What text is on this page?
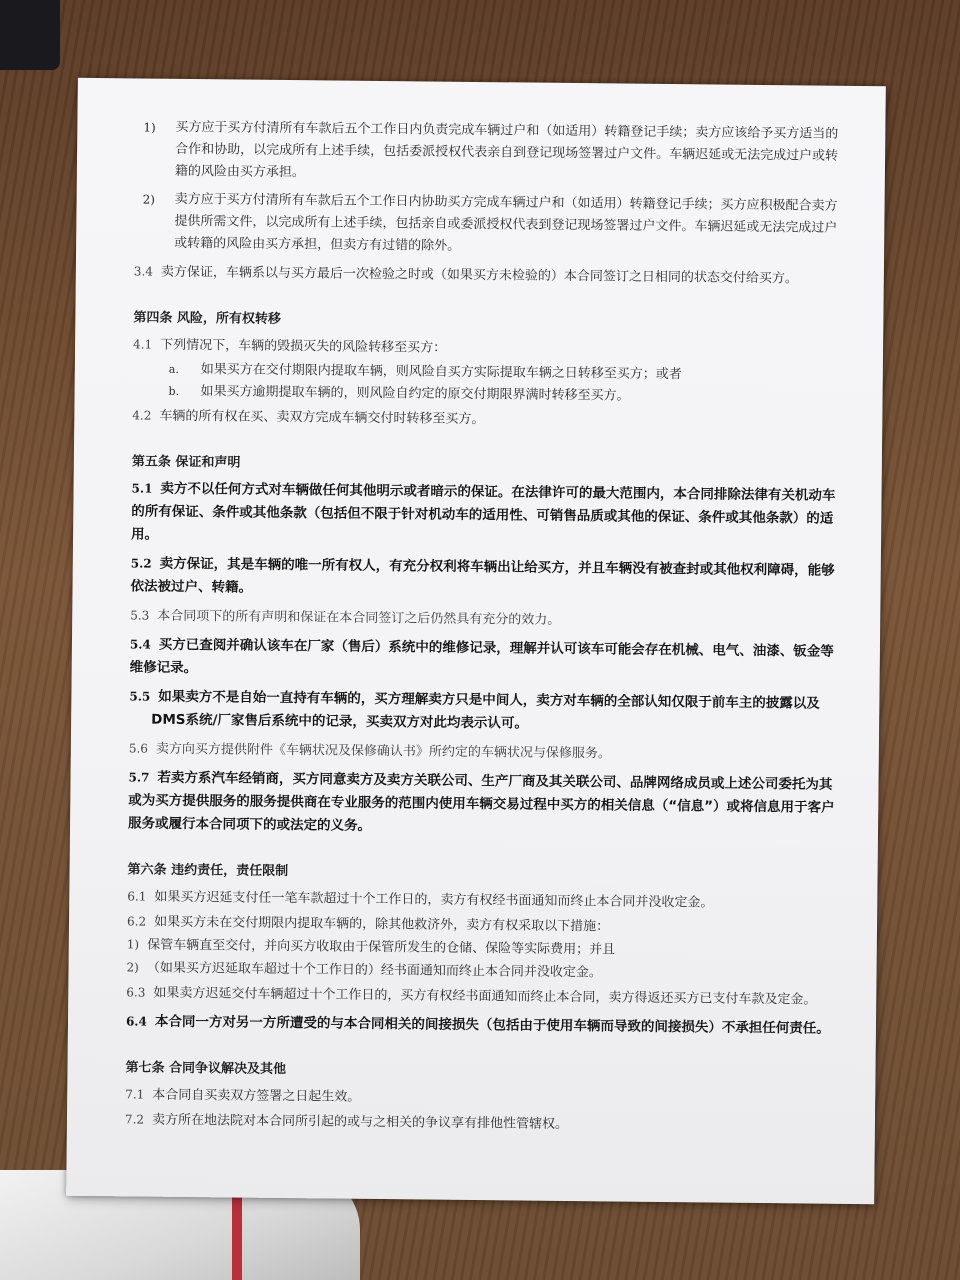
1) 买方应于买方付清所有车款后五个工作日内负责完成车辆过户和（如适用）转籍登记手续；卖方应该给予买方适当的合作和协助，以完成所有上述手续，包括委派授权代表亲自到登记现场签署过户文件。车辆迟延或无法完成过户或转籍的风险由买方承担。
2) 卖方应于买方付清所有车款后五个工作日内协助买方完成车辆过户和（如适用）转籍登记手续；买方应积极配合卖方提供所需文件，以完成所有上述手续，包括亲自或委派授权代表到登记现场签署过户文件。车辆迟延或无法完成过户或转籍的风险由买方承担，但卖方有过错的除外。
3.4 卖方保证，车辆系以与买方最后一次检验之时或（如果买方未检验的）本合同签订之日相同的状态交付给买方。
第四条 风险，所有权转移
4.1 下列情况下，车辆的毁损灭失的风险转移至买方：
a. 如果买方在交付期限内提取车辆，则风险自买方实际提取车辆之日转移至买方；或者
b. 如果买方逾期提取车辆的，则风险自约定的原交付期限界满时转移至买方。
4.2 车辆的所有权在买、卖双方完成车辆交付时转移至买方。
第五条 保证和声明
5.1 卖方不以任何方式对车辆做任何其他明示或者暗示的保证。在法律许可的最大范围内，本合同排除法律有关机动车的所有保证、条件或其他条款（包括但不限于针对机动车的适用性、可销售品质或其他的保证、条件或其他条款）的适用。
5.2 卖方保证，其是车辆的唯一所有权人，有充分权利将车辆出让给买方，并且车辆没有被查封或其他权利障碍，能够依法被过户、转籍。
5.3 本合同项下的所有声明和保证在本合同签订之后仍然具有充分的效力。
5.4 买方已查阅并确认该车在厂家（售后）系统中的维修记录，理解并认可该车可能会存在机械、电气、油漆、钣金等维修记录。
5.5 如果卖方不是自始一直持有车辆的，买方理解卖方只是中间人，卖方对车辆的全部认知仅限于前车主的披露以及
DMS系统/厂家售后系统中的记录，买卖双方对此均表示认可。
5.6 卖方向买方提供附件《车辆状况及保修确认书》所约定的车辆状况与保修服务。
5.7 若卖方系汽车经销商，买方同意卖方及卖方关联公司、生产厂商及其关联公司、品牌网络成员或上述公司委托为其或为买方提供服务的服务提供商在专业服务的范围内使用车辆交易过程中买方的相关信息（“信息”）或将信息用于客户服务或履行本合同项下的或法定的义务。
第六条 违约责任，责任限制
6.1 如果买方迟延支付任一笔车款超过十个工作日的，卖方有权经书面通知而终止本合同并没收定金。
6.2 如果买方未在交付期限内提取车辆的，除其他救济外，卖方有权采取以下措施：
1) 保管车辆直至交付，并向买方收取由于保管所发生的仓储、保险等实际费用；并且
2) （如果买方迟延取车超过十个工作日的）经书面通知而终止本合同并没收定金。
6.3 如果卖方迟延交付车辆超过十个工作日的，买方有权经书面通知而终止本合同，卖方得返还买方已支付车款及定金。
6.4 本合同一方对另一方所遭受的与本合同相关的间接损失（包括由于使用车辆而导致的间接损失）不承担任何责任。
第七条 合同争议解决及其他
7.1 本合同自买卖双方签署之日起生效。
7.2 卖方所在地法院对本合同所引起的或与之相关的争议享有排他性管辖权。
